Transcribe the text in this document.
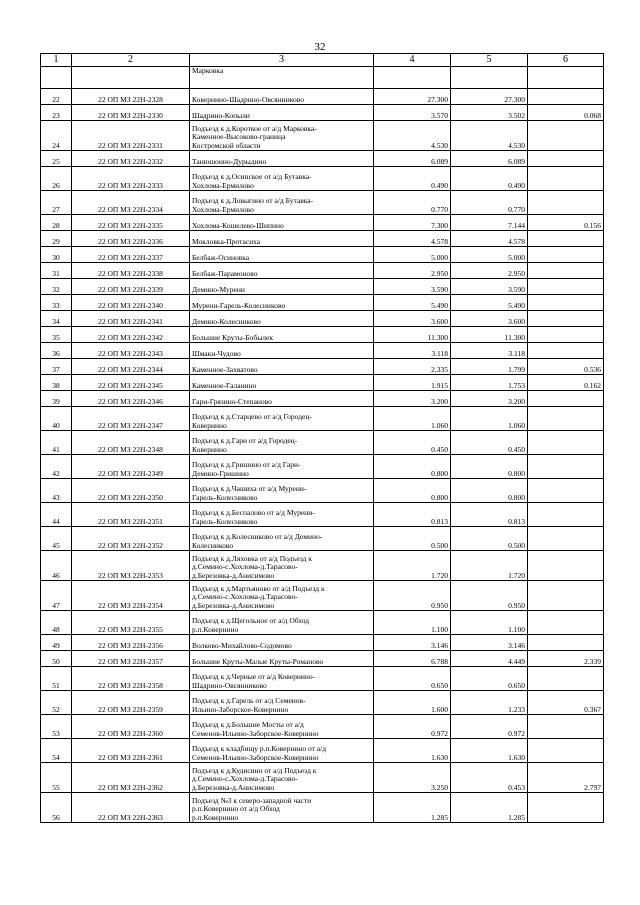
32
1	2	3	4	5	6

		Марковка			

22	22 ОП МЗ 22Н-2328	Ковернино-Шадрино-Овсянниково	27.300	27.300	
23	22 ОП МЗ 22Н-2330	Шадрино-Копыли	3.570	3.502	0.068
24	22 ОП МЗ 22Н-2331	Подъезд к д.Короткое от а/д Марковка-
Каменное-Высоково-граница
Костромской области	4.530	4.530	
25	22 ОП МЗ 22Н-2332	Танюшонно-Дурыдино	6.089	6.089	
26	22 ОП МЗ 22Н-2333	Подъезд к д.Осинское от а/д Бутавка-
Хохлома-Ермилово	0.490	0.490	
27	22 ОП МЗ 22Н-2334	Подъезд к д.Ловыгино от а/д Бутавка-
Хохлома-Ермилово	0.770	0.770	
28	22 ОП МЗ 22Н-2335	Хохлома-Кошелево-Шипино	7.300	7.144	0.156
29	22 ОП МЗ 22Н-2336	Мокловка-Протасиха	4.578	4.578	
30	22 ОП МЗ 22Н-2337	Белбаж-Осиновка	5.000	5.000	
31	22 ОП МЗ 22Н-2338	Белбаж-Парамоново	2.950	2.950	
32	22 ОП МЗ 22Н-2339	Демино-Мурени	3.590	3.590	
33	22 ОП МЗ 22Н-2340	Мурени-Гарель-Колесниково	5.490	5.490	
34	22 ОП МЗ 22Н-2341	Демино-Колесниково	3.600	3.600	
35	22 ОП МЗ 22Н-2342	Большие Круты-Бобылек	11.300	11.300	
36	22 ОП МЗ 22Н-2343	Шмаки-Чудово	3.118	3.118	
37	22 ОП МЗ 22Н-2344	Каменное-Захватово	2.335	1.799	0.536
38	22 ОП МЗ 22Н-2345	Каменное-Галанино	1.915	1.753	0.162
39	22 ОП МЗ 22Н-2346	Гари-Грязино-Степаново	3.200	3.200	
40	22 ОП МЗ 22Н-2347	Подъезд к д.Старцево от а/д Городец-
Ковернино	1.060	1.060	
41	22 ОП МЗ 22Н-2348	Подъезд к д.Гари от а/д Городец-
Ковернино	0.450	0.450	
42	22 ОП МЗ 22Н-2349	Подъезд к д.Гришино от а/д Гари-
Демино-Гришино	0.800	0.800	
43	22 ОП МЗ 22Н-2350	Подъезд к д.Чашиха от а/д Мурени-
Гарель-Колесниково	0.800	0.800	
44	22 ОП МЗ 22Н-2351	Подъезд к д.Беспалово от а/д Мурени-
Гарель-Колесниково	0.813	0.813	
45	22 ОП МЗ 22Н-2352	Подъезд к д.Колесниково от а/д Демино-
Колесниково	0.500	0.500	
46	22 ОП МЗ 22Н-2353	Подъезд к д.Ляховка от а/д Подъезд к
д.Семино-с.Хохлома-д.Тарасово-
д.Березовка-д.Анисимово	1.720	1.720	
47	22 ОП МЗ 22Н-2354	Подъезд к д.Мартьяново от а/д Подъезд к
д.Семино-с.Хохлома-д.Тарасово-
д.Березовка-д.Анисимово	0.950	0.950	
48	22 ОП МЗ 22Н-2355	Подъезд к д.Щегольное от а/д Обход
р.п.Ковернино	1.100	1.100	
49	22 ОП МЗ 22Н-2356	Волково-Михайлово-Содомово	3.146	3.146	
50	22 ОП МЗ 22Н-2357	Большие Круты-Малые Круты-Романово	6.788	4.449	2.339
51	22 ОП МЗ 22Н-2358	Подъезд к д.Черные от а/д Ковернино-
Шадрино-Овсянниково	0.650	0.650	
52	22 ОП МЗ 22Н-2359	Подъезд к д.Гарель от а/д Семенов-
Ильино-Заборское-Ковернино	1.600	1.233	0.367
53	22 ОП МЗ 22Н-2360	Подъезд к д.Большие Мосты от а/д
Семенов-Ильино-Заборское-Ковернино	0.972	0.972	
54	22 ОП МЗ 22Н-2361	Подъезд к кладбищу р.п.Ковернино от а/д
Семенов-Ильино-Заборское-Ковернино	1.630	1.630	
55	22 ОП МЗ 22Н-2362	Подъезд к д.Кудисино от а/д Подъезд к
д.Семино-с.Хохлома-д.Тарасово-
д.Березовка-д.Анисимово	3.250	0.453	2.797
56	22 ОП МЗ 22Н-2363	Подъезд №3 к северо-западной части
р.п.Ковернино от а/д Обход
р.п.Ковернино	1.285	1.285	
